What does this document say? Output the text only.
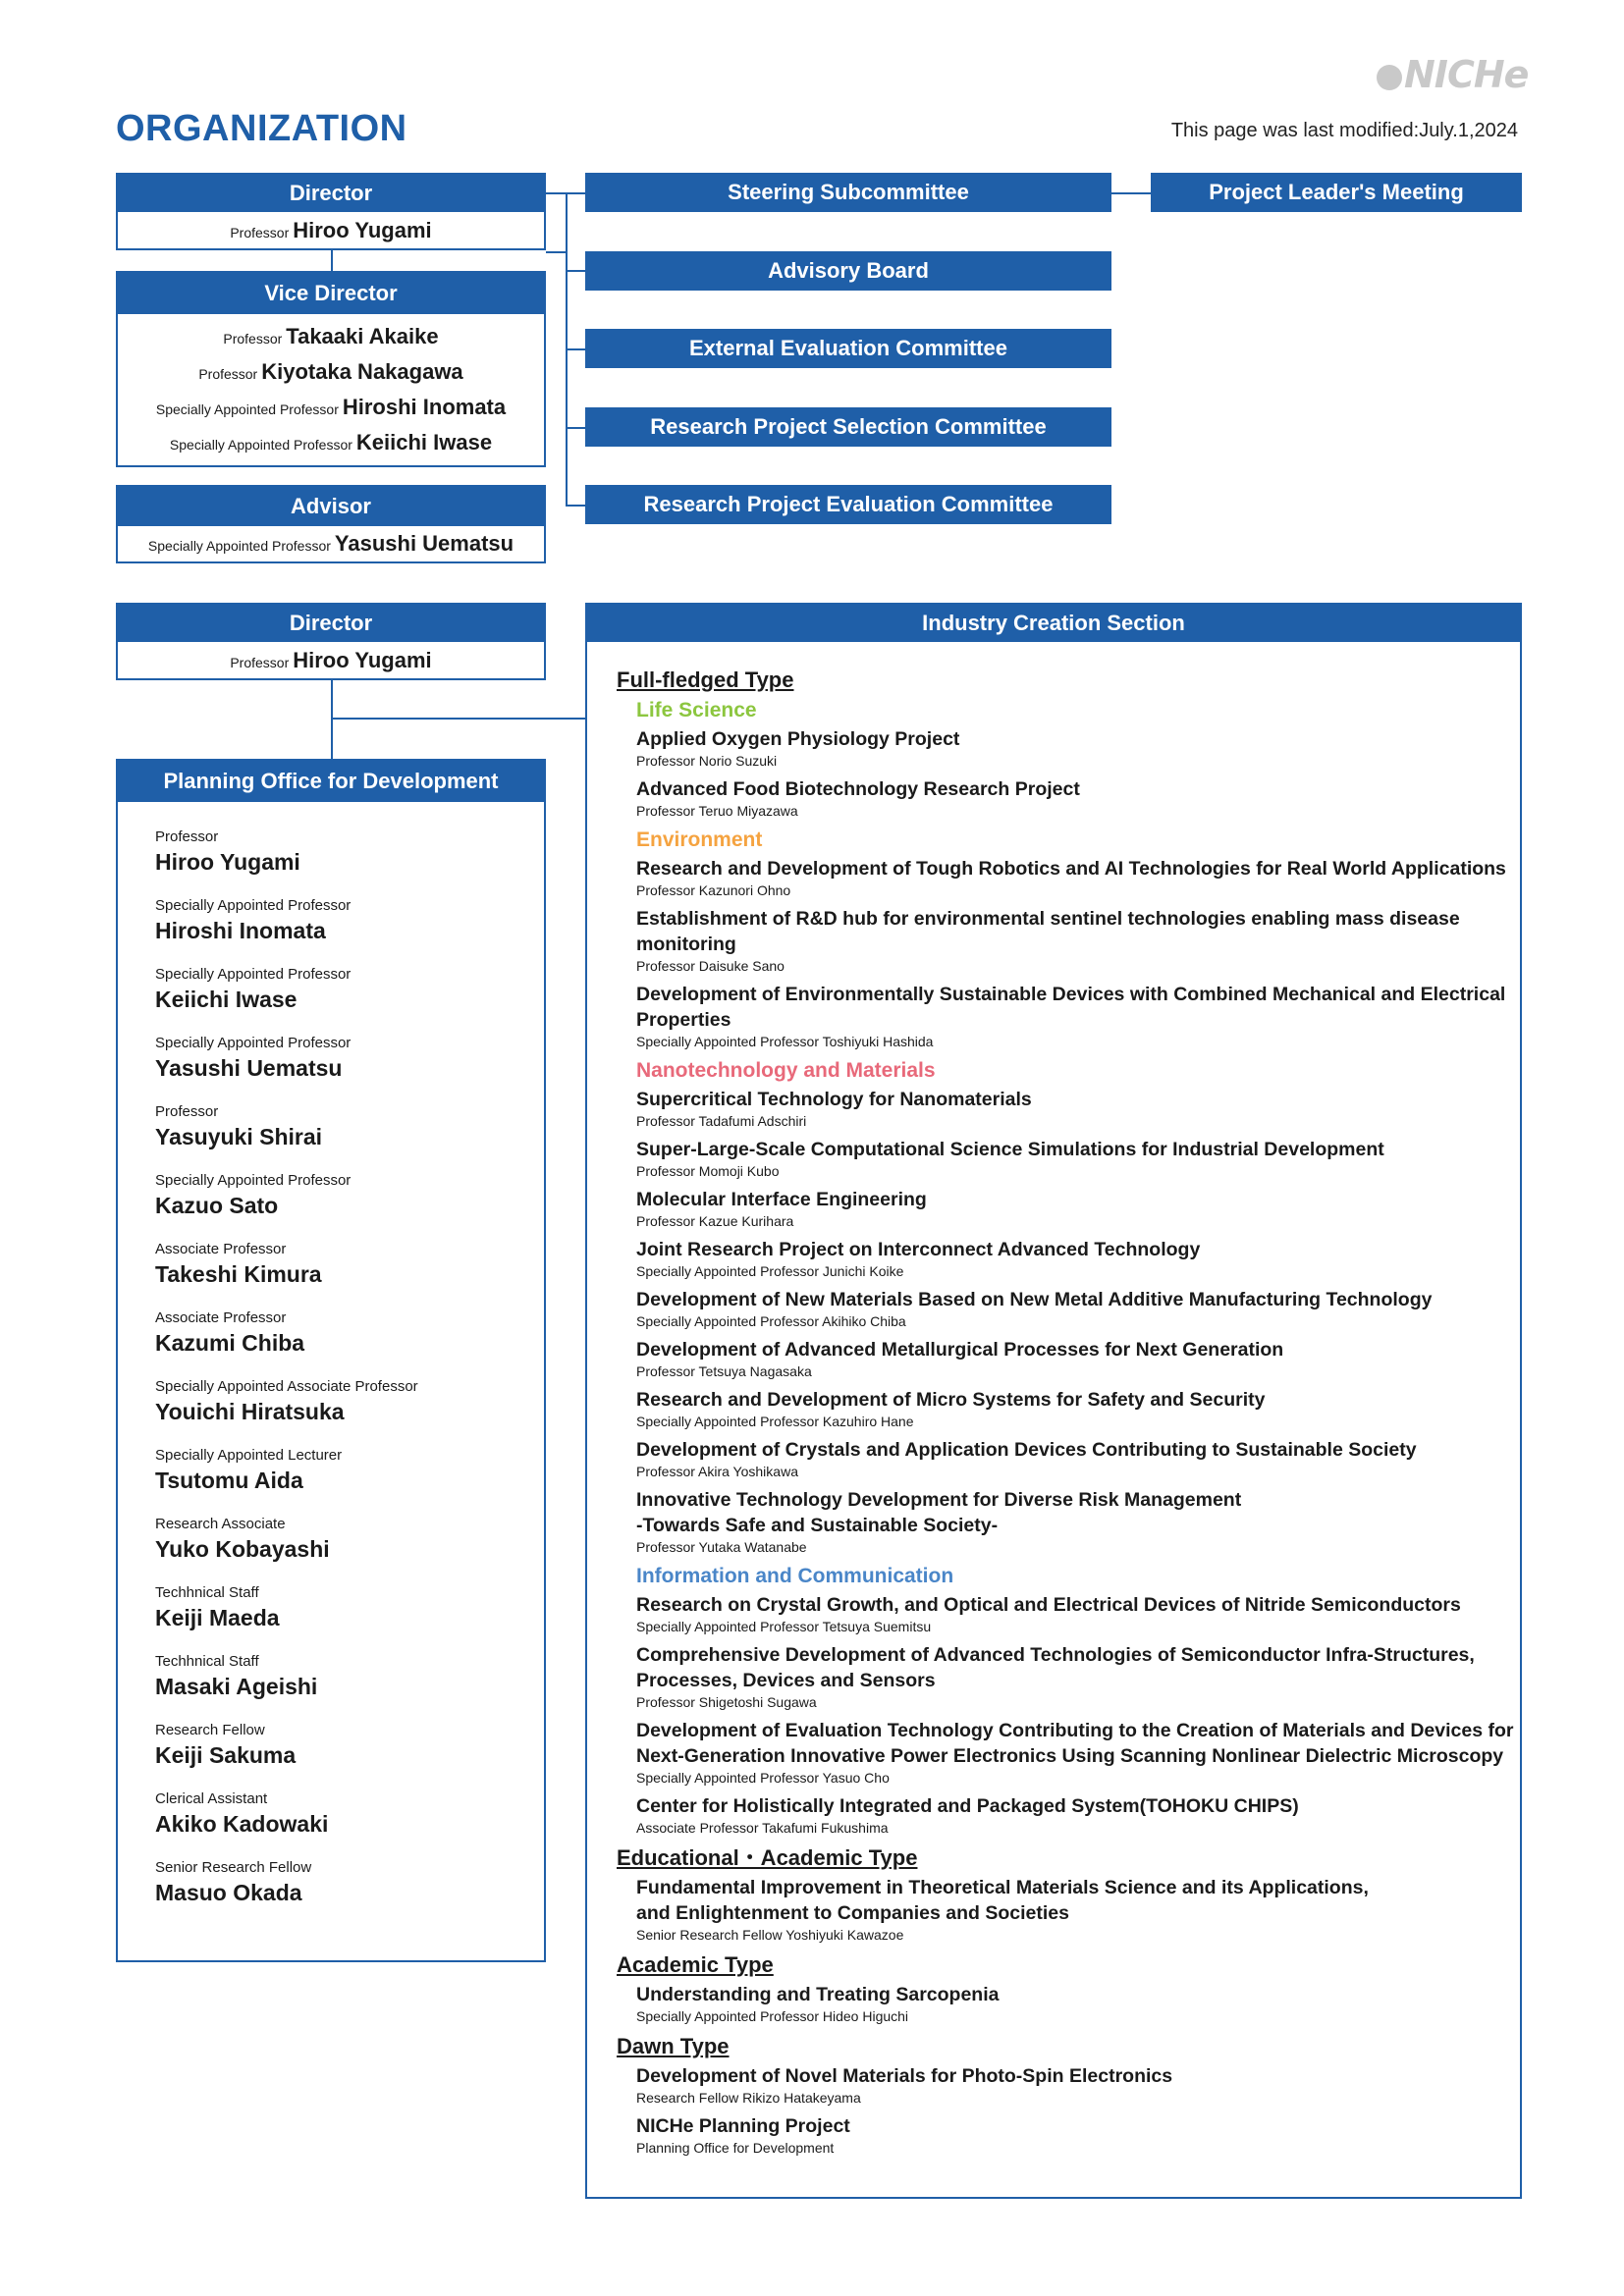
NICHe
ORGANIZATION	This page was last modified:July.1,2024
Director
Professor Hiroo Yugami
Vice Director
Professor Takaaki Akaike
Professor Kiyotaka Nakagawa
Specially Appointed Professor Hiroshi Inomata
Specially Appointed Professor Keiichi Iwase
Advisor
Specially Appointed Professor Yasushi Uematsu
Steering Subcommittee
Advisory Board
External Evaluation Committee
Research Project Selection Committee
Research Project Evaluation Committee
Project Leader's Meeting
Director
Professor Hiroo Yugami
Planning Office for Development
Professor
Hiroo Yugami
Specially Appointed Professor
Hiroshi Inomata
Specially Appointed Professor
Keiichi Iwase
Specially Appointed Professor
Yasushi Uematsu
Professor
Yasuyuki Shirai
Specially Appointed Professor
Kazuo Sato
Associate Professor
Takeshi Kimura
Associate Professor
Kazumi Chiba
Specially Appointed Associate Professor
Youichi Hiratsuka
Specially Appointed Lecturer
Tsutomu Aida
Research Associate
Yuko Kobayashi
Techhnical Staff
Keiji Maeda
Techhnical Staff
Masaki Ageishi
Research Fellow
Keiji Sakuma
Clerical Assistant
Akiko Kadowaki
Senior Research Fellow
Masuo Okada
Industry Creation Section
Full-fledged Type
Life Science
Applied Oxygen Physiology Project
Professor Norio Suzuki
Advanced Food Biotechnology Research Project
Professor Teruo Miyazawa
Environment
Research and Development of Tough Robotics and AI Technologies for Real World Applications
Professor Kazunori Ohno
Establishment of R&D hub for environmental sentinel technologies enabling mass disease monitoring
Professor Daisuke Sano
Development of Environmentally Sustainable Devices with Combined Mechanical and Electrical Properties
Specially Appointed Professor Toshiyuki Hashida
Nanotechnology and Materials
Supercritical Technology for Nanomaterials
Professor Tadafumi Adschiri
Super-Large-Scale Computational Science Simulations for Industrial Development
Professor Momoji Kubo
Molecular Interface Engineering
Professor Kazue Kurihara
Joint Research Project on Interconnect Advanced Technology
Specially Appointed Professor Junichi Koike
Development of New Materials Based on New Metal Additive Manufacturing Technology
Specially Appointed Professor Akihiko Chiba
Development of Advanced Metallurgical Processes for Next Generation
Professor Tetsuya Nagasaka
Research and Development of Micro Systems for Safety and Security
Specially Appointed Professor Kazuhiro Hane
Development of Crystals and Application Devices Contributing to Sustainable Society
Professor Akira Yoshikawa
Innovative Technology Development for Diverse Risk Management
-Towards Safe and Sustainable Society-
Professor Yutaka Watanabe
Information and Communication
Research on Crystal Growth, and Optical and Electrical Devices of Nitride Semiconductors
Specially Appointed Professor Tetsuya Suemitsu
Comprehensive Development of Advanced Technologies of Semiconductor Infra-Structures,
Processes, Devices and Sensors
Professor Shigetoshi Sugawa
Development of Evaluation Technology Contributing to the Creation of Materials and Devices for
Next-Generation Innovative Power Electronics Using Scanning Nonlinear Dielectric Microscopy
Specially Appointed Professor Yasuo Cho
Center for Holistically Integrated and Packaged System(TOHOKU CHIPS)
Associate Professor Takafumi Fukushima
Educational・Academic Type
Fundamental Improvement in Theoretical Materials Science and its Applications,
and Enlightenment to Companies and Societies
Senior Research Fellow Yoshiyuki Kawazoe
Academic Type
Understanding and Treating Sarcopenia
Specially Appointed Professor Hideo Higuchi
Dawn Type
Development of Novel Materials for Photo-Spin Electronics
Research Fellow Rikizo Hatakeyama
NICHe Planning Project
Planning Office for Development
